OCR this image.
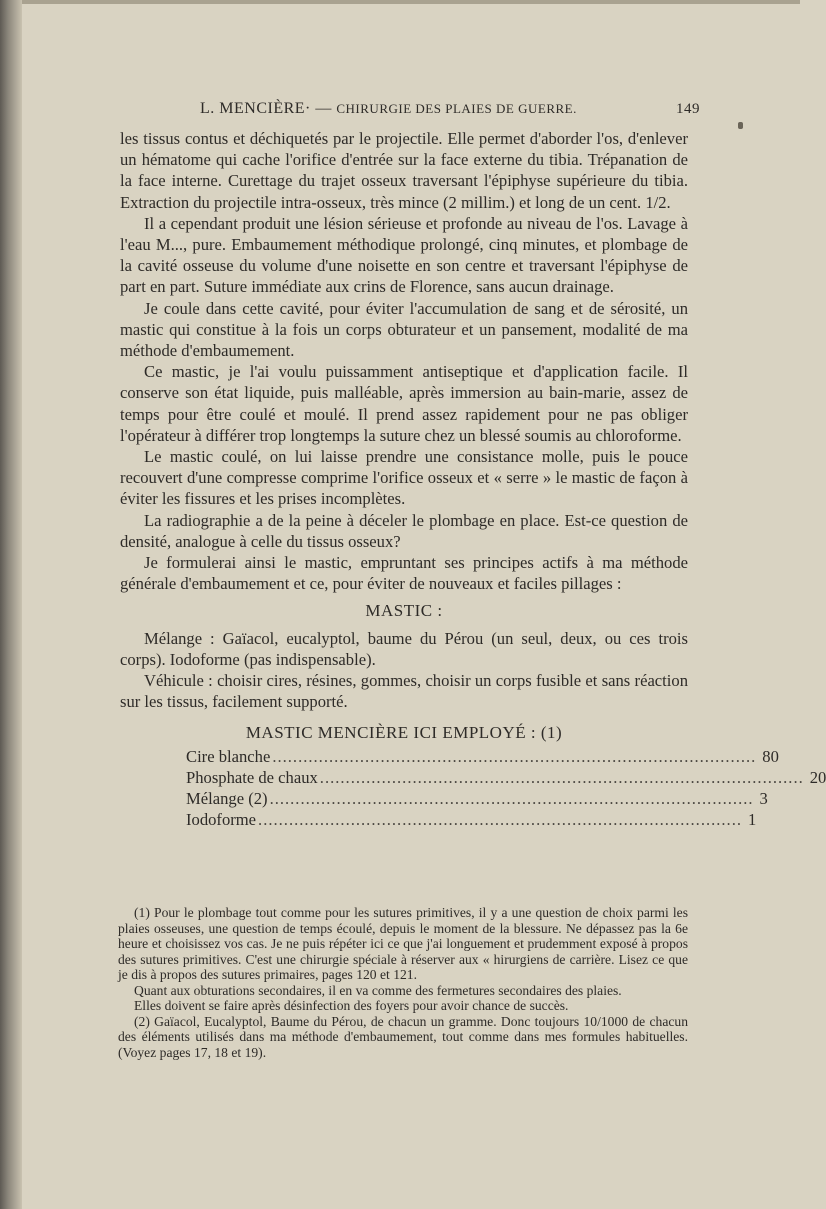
L. MENCIÈRE· — CHIRURGIE DES PLAIES DE GUERRE.	149

les tissus contus et déchiquetés par le projectile. Elle permet d'aborder l'os, d'enlever un hématome qui cache l'orifice d'entrée sur la face externe du tibia. Trépanation de la face interne. Curettage du trajet osseux traversant l'épiphyse supérieure du tibia. Extraction du projectile intra-osseux, très mince (2 millim.) et long de un cent. 1/2.

Il a cependant produit une lésion sérieuse et profonde au niveau de l'os. Lavage à l'eau M..., pure. Embaumement méthodique prolongé, cinq minutes, et plombage de la cavité osseuse du volume d'une noisette en son centre et traversant l'épiphyse de part en part. Suture immédiate aux crins de Florence, sans aucun drainage.

Je coule dans cette cavité, pour éviter l'accumulation de sang et de sérosité, un mastic qui constitue à la fois un corps obturateur et un pansement, modalité de ma méthode d'embaumement.

Ce mastic, je l'ai voulu puissamment antiseptique et d'application facile. Il conserve son état liquide, puis malléable, après immersion au bain-marie, assez de temps pour être coulé et moulé. Il prend assez rapidement pour ne pas obliger l'opérateur à différer trop longtemps la suture chez un blessé soumis au chloroforme.

Le mastic coulé, on lui laisse prendre une consistance molle, puis le pouce recouvert d'une compresse comprime l'orifice osseux et « serre » le mastic de façon à éviter les fissures et les prises incomplètes.

La radiographie a de la peine à déceler le plombage en place. Est-ce question de densité, analogue à celle du tissus osseux?

Je formulerai ainsi le mastic, empruntant ses principes actifs à ma méthode générale d'embaumement et ce, pour éviter de nouveaux et faciles pillages :

MASTIC :

Mélange : Gaïacol, eucalyptol, baume du Pérou (un seul, deux, ou ces trois corps). Iodoforme (pas indispensable).

Véhicule : choisir cires, résines, gommes, choisir un corps fusible et sans réaction sur les tissus, facilement supporté.

MASTIC MENCIÈRE ICI EMPLOYÉ : (1)
Cire blanche .............................................................................................. 80
Phosphate de chaux .............................................................................................. 20
Mélange (2) .............................................................................................. 3
Iodoforme .............................................................................................. 1

(1) Pour le plombage tout comme pour les sutures primitives, il y a une question de choix parmi les plaies osseuses, une question de temps écoulé, depuis le moment de la blessure. Ne dépassez pas la 6e heure et choisissez vos cas. Je ne puis répéter ici ce que j'ai longuement et prudemment exposé à propos des sutures primitives. C'est une chirurgie spéciale à réserver aux « hirurgiens de carrière. Lisez ce que je dis à propos des sutures primaires, pages 120 et 121.

Quant aux obturations secondaires, il en va comme des fermetures secondaires des plaies.

Elles doivent se faire après désinfection des foyers pour avoir chance de succès.

(2) Gaïacol, Eucalyptol, Baume du Pérou, de chacun un gramme. Donc toujours 10/1000 de chacun des éléments utilisés dans ma méthode d'embaumement, tout comme dans mes formules habituelles. (Voyez pages 17, 18 et 19).
